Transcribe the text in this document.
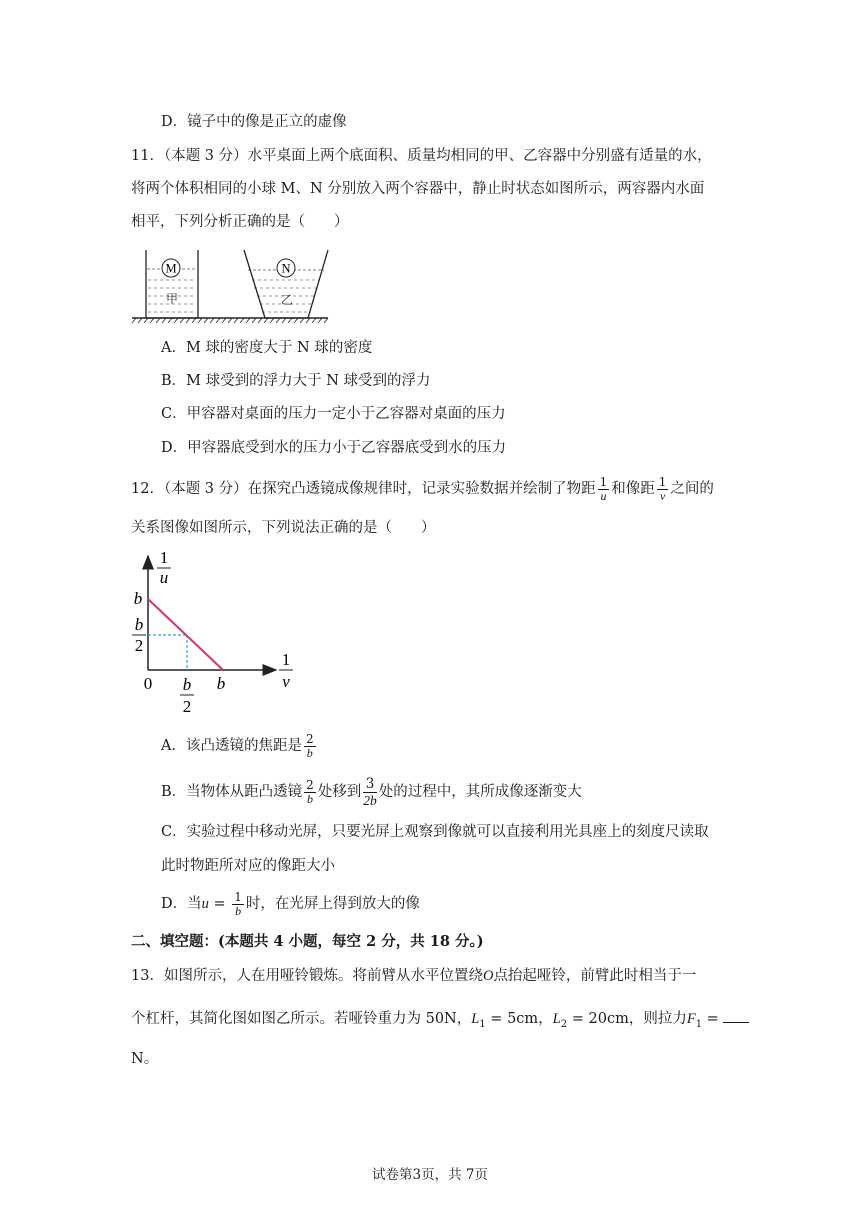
D．镜子中的像是正立的虚像
11．（本题 3 分）水平桌面上两个底面积、质量均相同的甲、乙容器中分别盛有适量的水，
将两个体积相同的小球 M、N 分别放入两个容器中，静止时状态如图所示，两容器内水面
相平，下列分析正确的是（　　）
M	N
甲	乙
A．M 球的密度大于 N 球的密度
B．M 球受到的浮力大于 N 球受到的浮力
C．甲容器对桌面的压力一定小于乙容器对桌面的压力
D．甲容器底受到水的压力小于乙容器底受到水的压力
12．（本题 3 分）在探究凸透镜成像规律时，记录实验数据并绘制了物距 $\frac{1}{u}$ 和像距 $\frac{1}{v}$ 之间的
关系图像如图所示，下列说法正确的是（　　）
1
u
b
b
2
0 b
2
b
1
v
A．该凸透镜的焦距是 $\frac{2}{b}$
B．当物体从距凸透镜 $\frac{2}{b}$ 处移到 $\frac{3}{2b}$ 处的过程中，其所成像逐渐变大
C．实验过程中移动光屏，只要光屏上观察到像就可以直接利用光具座上的刻度尺读取
此时物距所对应的像距大小
D．当$u = \frac{1}{b}$ 时，在光屏上得到放大的像
二、填空题：(本题共 4 小题，每空 2 分，共 18 分。)
13．如图所示，人在用哑铃锻炼。将前臂从水平位置绕O点抬起哑铃，前臂此时相当于一
个杠杆，其简化图如图乙所示。若哑铃重力为 50N，$L_1 = 5cm$，$L_2 = 20cm$，则拉力$F_1$ =
N。
试卷第3页，共 7页
